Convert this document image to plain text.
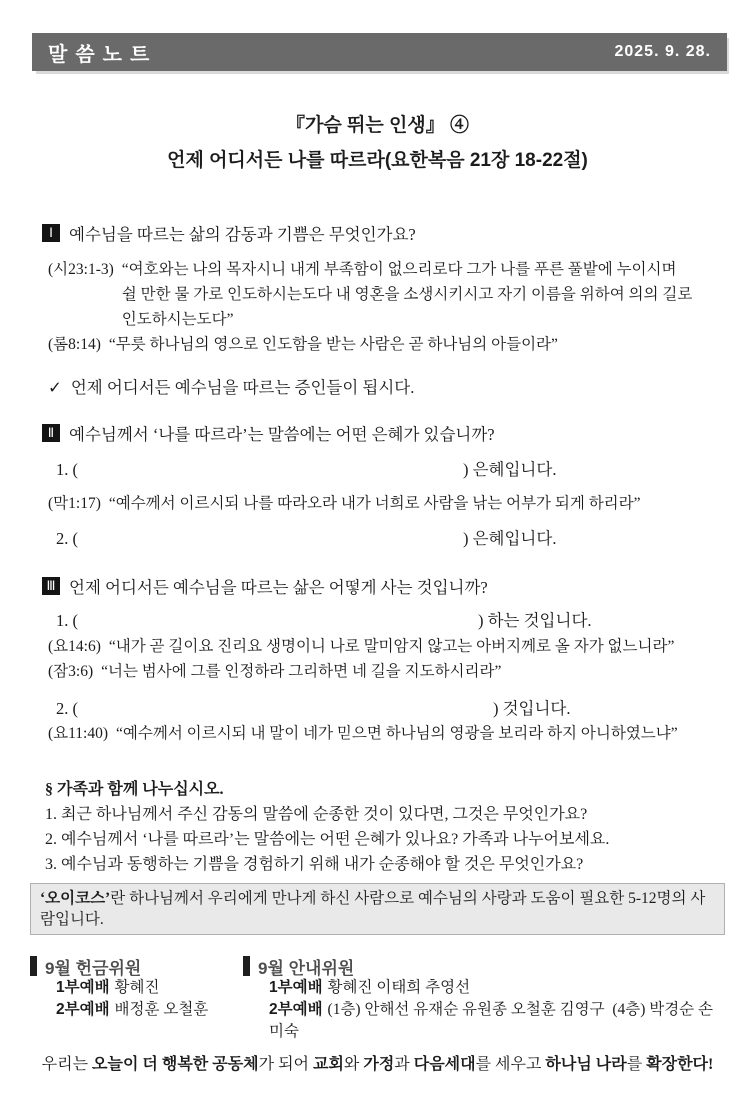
말씀노트	2025. 9. 28.
『가슴 뛰는 인생』 ④
언제 어디서든 나를 따르라(요한복음 21장 18-22절)
Ⅰ 예수님을 따르는 삶의 감동과 기쁨은 무엇인가요?
(시23:1-3) “여호와는 나의 목자시니 내게 부족함이 없으리로다 그가 나를 푸른 풀밭에 누이시며
쉴 만한 물 가로 인도하시는도다 내 영혼을 소생시키시고 자기 이름을 위하여 의의 길로
인도하시는도다”
(롬8:14) “무릇 하나님의 영으로 인도함을 받는 사람은 곧 하나님의 아들이라”
✓ 언제 어디서든 예수님을 따르는 증인들이 됩시다.
Ⅱ 예수님께서 ‘나를 따르라’는 말씀에는 어떤 은혜가 있습니까?
1. (	) 은혜입니다.
(막1:17) “예수께서 이르시되 나를 따라오라 내가 너희로 사람을 낚는 어부가 되게 하리라”
2. (	) 은혜입니다.
Ⅲ 언제 어디서든 예수님을 따르는 삶은 어떻게 사는 것입니까?
1. (	) 하는 것입니다.
(요14:6) “내가 곧 길이요 진리요 생명이니 나로 말미암지 않고는 아버지께로 올 자가 없느니라”
(잠3:6) “너는 범사에 그를 인정하라 그리하면 네 길을 지도하시리라”
2. (	) 것입니다.
(요11:40) “예수께서 이르시되 내 말이 네가 믿으면 하나님의 영광을 보리라 하지 아니하였느냐”
§ 가족과 함께 나누십시오.
1. 최근 하나님께서 주신 감동의 말씀에 순종한 것이 있다면, 그것은 무엇인가요?
2. 예수님께서 ‘나를 따르라’는 말씀에는 어떤 은혜가 있나요? 가족과 나누어보세요.
3. 예수님과 동행하는 기쁨을 경험하기 위해 내가 순종해야 할 것은 무엇인가요?
‘오이코스’란 하나님께서 우리에게 만나게 하신 사람으로 예수님의 사랑과 도움이 필요한 5-12명의 사람입니다.
9월 헌금위원
1부예배 황혜진
2부예배 배정훈 오철훈
9월 안내위원
1부예배 황혜진 이태희 추영선
2부예배 (1층) 안해선 유재순 유원종 오철훈 김영구  (4층) 박경순 손미숙
우리는 오늘이 더 행복한 공동체가 되어 교회와 가정과 다음세대를 세우고 하나님 나라를 확장한다!
